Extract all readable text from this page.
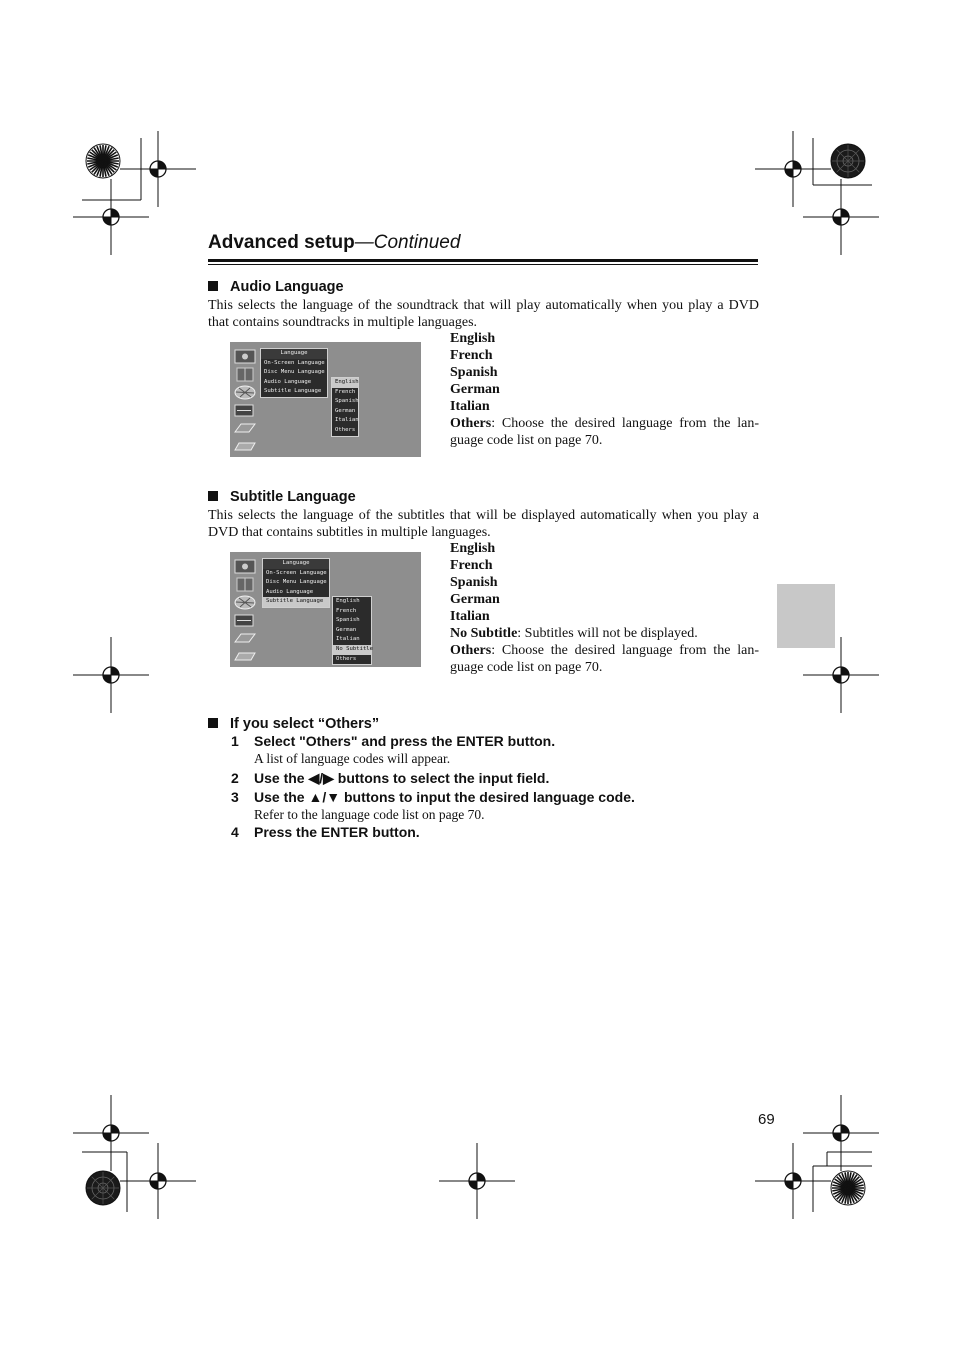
Advanced setup—Continued
Audio Language
This selects the language of the soundtrack that will play automatically when you play a DVD that contains soundtracks in multiple languages.
Language
On-Screen Language
Disc Menu Language
Audio Language
Subtitle Language
English
French
Spanish
German
Italian
Others
English
French
Spanish
German
Italian
Others: Choose the desired language from the lan-guage code list on page 70.
Subtitle Language
This selects the language of the subtitles that will be displayed automatically when you play a DVD that contains subtitles in multiple languages.
Language
On-Screen Language
Disc Menu Language
Audio Language
Subtitle Language	English
French
Spanish
German
Italian
No Subtitle
Others
English
French
Spanish
German
Italian
No Subtitle: Subtitles will not be displayed.
Others: Choose the desired language from the lan-guage code list on page 70.
If you select “Others”
1 Select "Others" and press the ENTER button.
A list of language codes will appear.
2 Use the ◀/▶ buttons to select the input field.
3 Use the ▲/▼ buttons to input the desired language code.
Refer to the language code list on page 70.
4 Press the ENTER button.
69
